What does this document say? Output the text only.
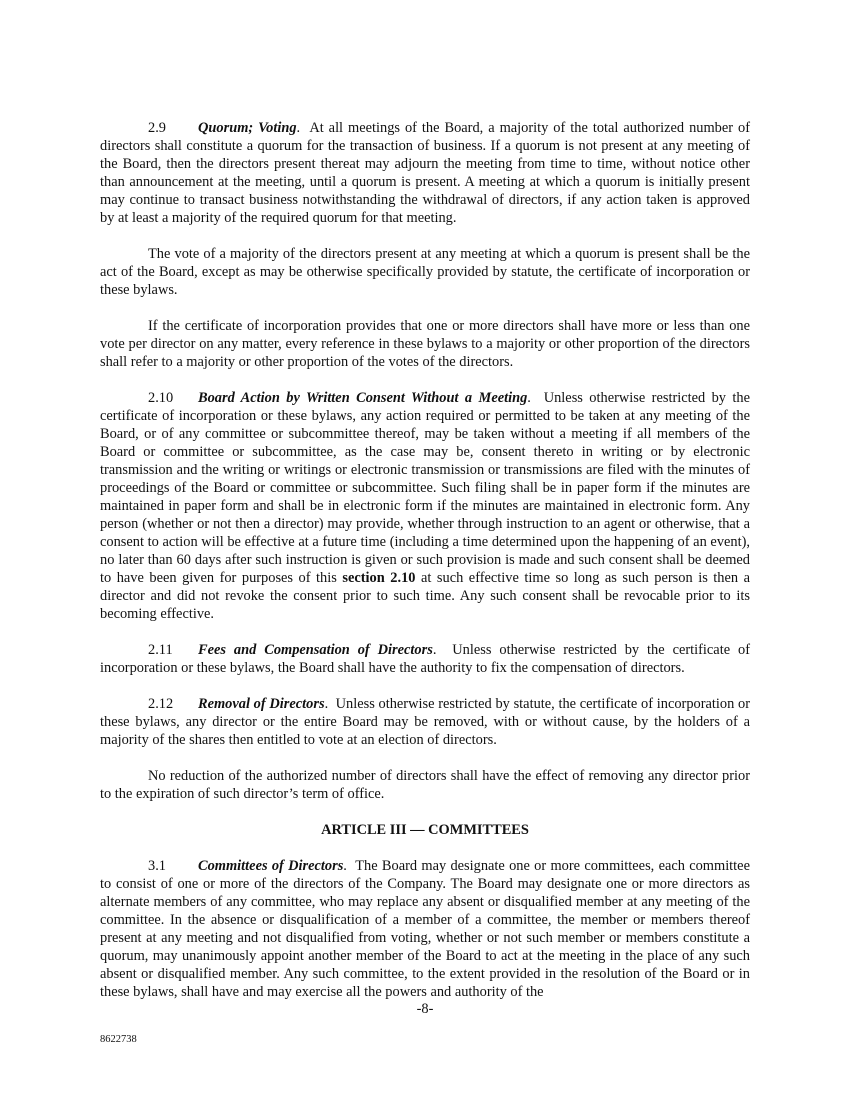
2.9 Quorum; Voting.  At all meetings of the Board, a majority of the total authorized number of directors shall constitute a quorum for the transaction of business. If a quorum is not present at any meeting of the Board, then the directors present thereat may adjourn the meeting from time to time, without notice other than announcement at the meeting, until a quorum is present. A meeting at which a quorum is initially present may continue to transact business notwithstanding the withdrawal of directors, if any action taken is approved by at least a majority of the required quorum for that meeting.

The vote of a majority of the directors present at any meeting at which a quorum is present shall be the act of the Board, except as may be otherwise specifically provided by statute, the certificate of incorporation or these bylaws.

If the certificate of incorporation provides that one or more directors shall have more or less than one vote per director on any matter, every reference in these bylaws to a majority or other proportion of the directors shall refer to a majority or other proportion of the votes of the directors.

2.10 Board Action by Written Consent Without a Meeting.  Unless otherwise restricted by the certificate of incorporation or these bylaws, any action required or permitted to be taken at any meeting of the Board, or of any committee or subcommittee thereof, may be taken without a meeting if all members of the Board or committee or subcommittee, as the case may be, consent thereto in writing or by electronic transmission and the writing or writings or electronic transmission or transmissions are filed with the minutes of proceedings of the Board or committee or subcommittee. Such filing shall be in paper form if the minutes are maintained in paper form and shall be in electronic form if the minutes are maintained in electronic form. Any person (whether or not then a director) may provide, whether through instruction to an agent or otherwise, that a consent to action will be effective at a future time (including a time determined upon the happening of an event), no later than 60 days after such instruction is given or such provision is made and such consent shall be deemed to have been given for purposes of this section 2.10 at such effective time so long as such person is then a director and did not revoke the consent prior to such time. Any such consent shall be revocable prior to its becoming effective.

2.11 Fees and Compensation of Directors.  Unless otherwise restricted by the certificate of incorporation or these bylaws, the Board shall have the authority to fix the compensation of directors.

2.12 Removal of Directors.  Unless otherwise restricted by statute, the certificate of incorporation or these bylaws, any director or the entire Board may be removed, with or without cause, by the holders of a majority of the shares then entitled to vote at an election of directors.

No reduction of the authorized number of directors shall have the effect of removing any director prior to the expiration of such director’s term of office.

ARTICLE III — COMMITTEES

3.1 Committees of Directors.  The Board may designate one or more committees, each committee to consist of one or more of the directors of the Company. The Board may designate one or more directors as alternate members of any committee, who may replace any absent or disqualified member at any meeting of the committee. In the absence or disqualification of a member of a committee, the member or members thereof present at any meeting and not disqualified from voting, whether or not such member or members constitute a quorum, may unanimously appoint another member of the Board to act at the meeting in the place of any such absent or disqualified member. Any such committee, to the extent provided in the resolution of the Board or in these bylaws, shall have and may exercise all the powers and authority of the

-8-
8622738
